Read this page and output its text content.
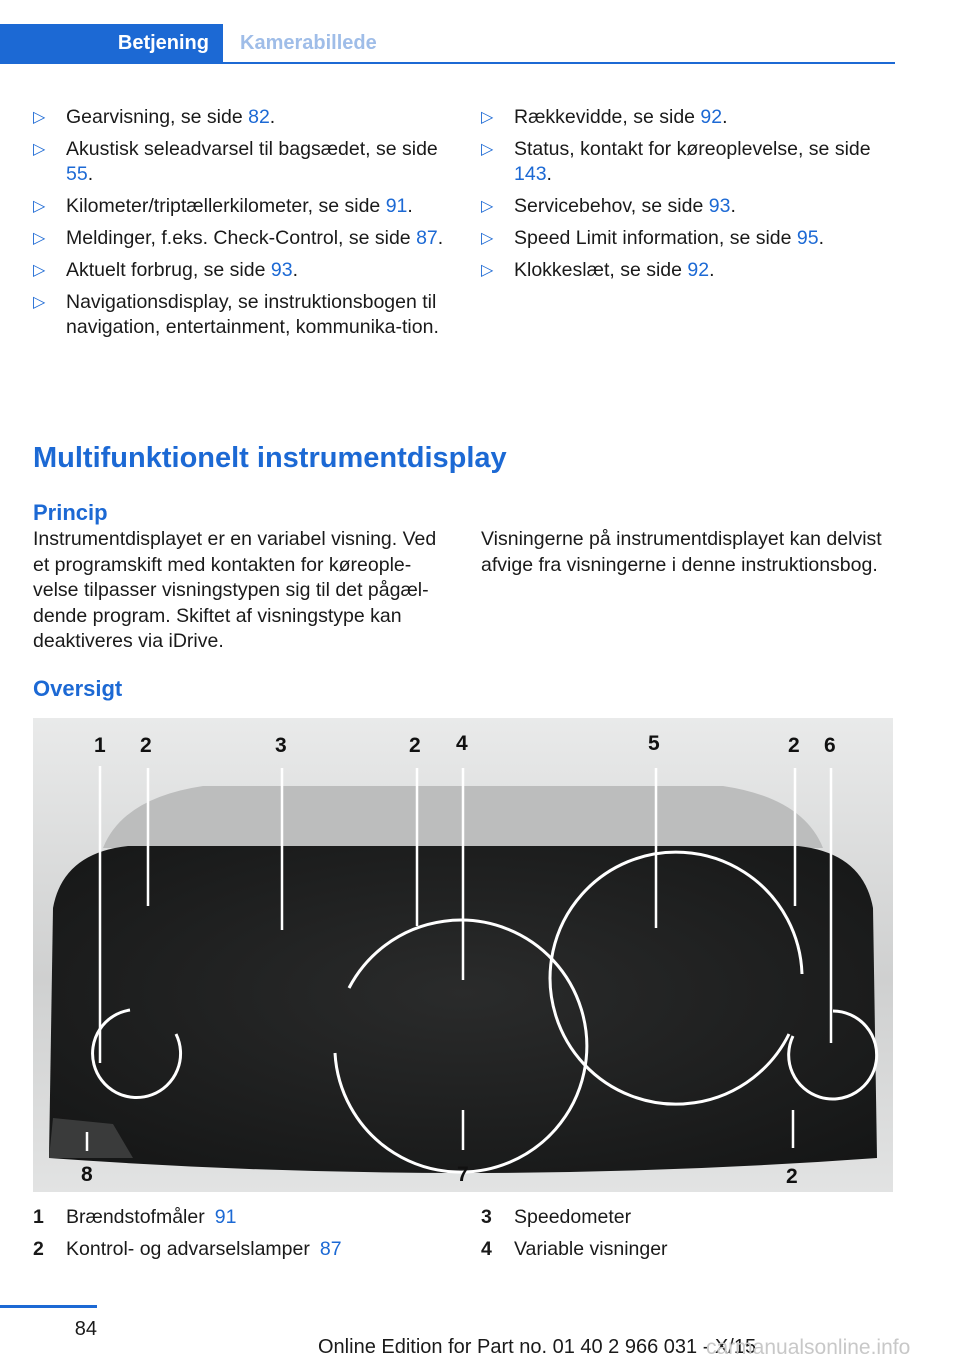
Betjening	Kamerabillede
▷ Gearvisning, se side 82.
▷ Akustisk seleadvarsel til bagsædet, se side 55.
▷ Kilometer/triptællerkilometer, se side 91.
▷ Meldinger, f.eks. Check-Control, se side 87.
▷ Aktuelt forbrug, se side 93.
▷ Navigationsdisplay, se instruktionsbogen til navigation, entertainment, kommunika‐tion.
▷ Rækkevidde, se side 92.
▷ Status, kontakt for køreoplevelse, se side 143.
▷ Servicebehov, se side 93.
▷ Speed Limit information, se side 95.
▷ Klokkeslæt, se side 92.
Multifunktionelt instrumentdisplay
Princip
Instrumentdisplayet er en variabel visning. Ved et programskift med kontakten for køreople‐velse tilpasser visningstypen sig til det pågæl‐dende program. Skiftet af visningstype kan deaktiveres via iDrive.
Visningerne på instrumentdisplayet kan delvist afvige fra visningerne i denne instruktionsbog.
Oversigt
1 2	3	2 4	5	2 6
8	7	2
1 Brændstofmåler 91
2 Kontrol- og advarselslamper 87
3 Speedometer
4 Variable visninger
84
Online Edition for Part no. 01 40 2 966 031 - X/15
carmanualsonline.info
